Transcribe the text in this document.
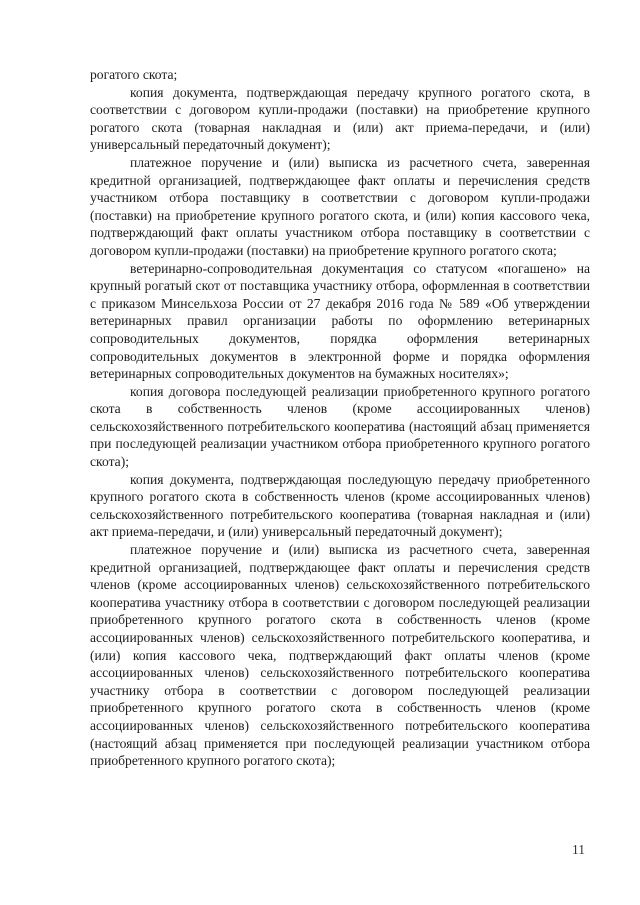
рогатого скота;

копия документа, подтверждающая передачу крупного рогатого скота, в соответствии с договором купли-продажи (поставки) на приобретение крупного рогатого скота (товарная накладная и (или) акт приема-передачи, и (или) универсальный передаточный документ);

платежное поручение и (или) выписка из расчетного счета, заверенная кредитной организацией, подтверждающее факт оплаты и перечисления средств участником отбора поставщику в соответствии с договором купли-продажи (поставки) на приобретение крупного рогатого скота, и (или) копия кассового чека, подтверждающий факт оплаты участником отбора поставщику в соответствии с договором купли-продажи (поставки) на приобретение крупного рогатого скота;

ветеринарно-сопроводительная документация со статусом «погашено» на крупный рогатый скот от поставщика участнику отбора, оформленная в соответствии с приказом Минсельхоза России от 27 декабря 2016 года № 589 «Об утверждении ветеринарных правил организации работы по оформлению ветеринарных сопроводительных документов, порядка оформления ветеринарных сопроводительных документов в электронной форме и порядка оформления ветеринарных сопроводительных документов на бумажных носителях»;

копия договора последующей реализации приобретенного крупного рогатого скота в собственность членов (кроме ассоциированных членов) сельскохозяйственного потребительского кооператива (настоящий абзац применяется при последующей реализации участником отбора приобретенного крупного рогатого скота);

копия документа, подтверждающая последующую передачу приобретенного крупного рогатого скота в собственность членов (кроме ассоциированных членов) сельскохозяйственного потребительского кооператива (товарная накладная и (или) акт приема-передачи, и (или) универсальный передаточный документ);

платежное поручение и (или) выписка из расчетного счета, заверенная кредитной организацией, подтверждающее факт оплаты и перечисления средств членов (кроме ассоциированных членов) сельскохозяйственного потребительского кооператива участнику отбора в соответствии с договором последующей реализации приобретенного крупного рогатого скота в собственность членов (кроме ассоциированных членов) сельскохозяйственного потребительского кооператива, и (или) копия кассового чека, подтверждающий факт оплаты членов (кроме ассоциированных членов) сельскохозяйственного потребительского кооператива участнику отбора в соответствии с договором последующей реализации приобретенного крупного рогатого скота в собственность членов (кроме ассоциированных членов) сельскохозяйственного потребительского кооператива (настоящий абзац применяется при последующей реализации участником отбора приобретенного крупного рогатого скота);

11
